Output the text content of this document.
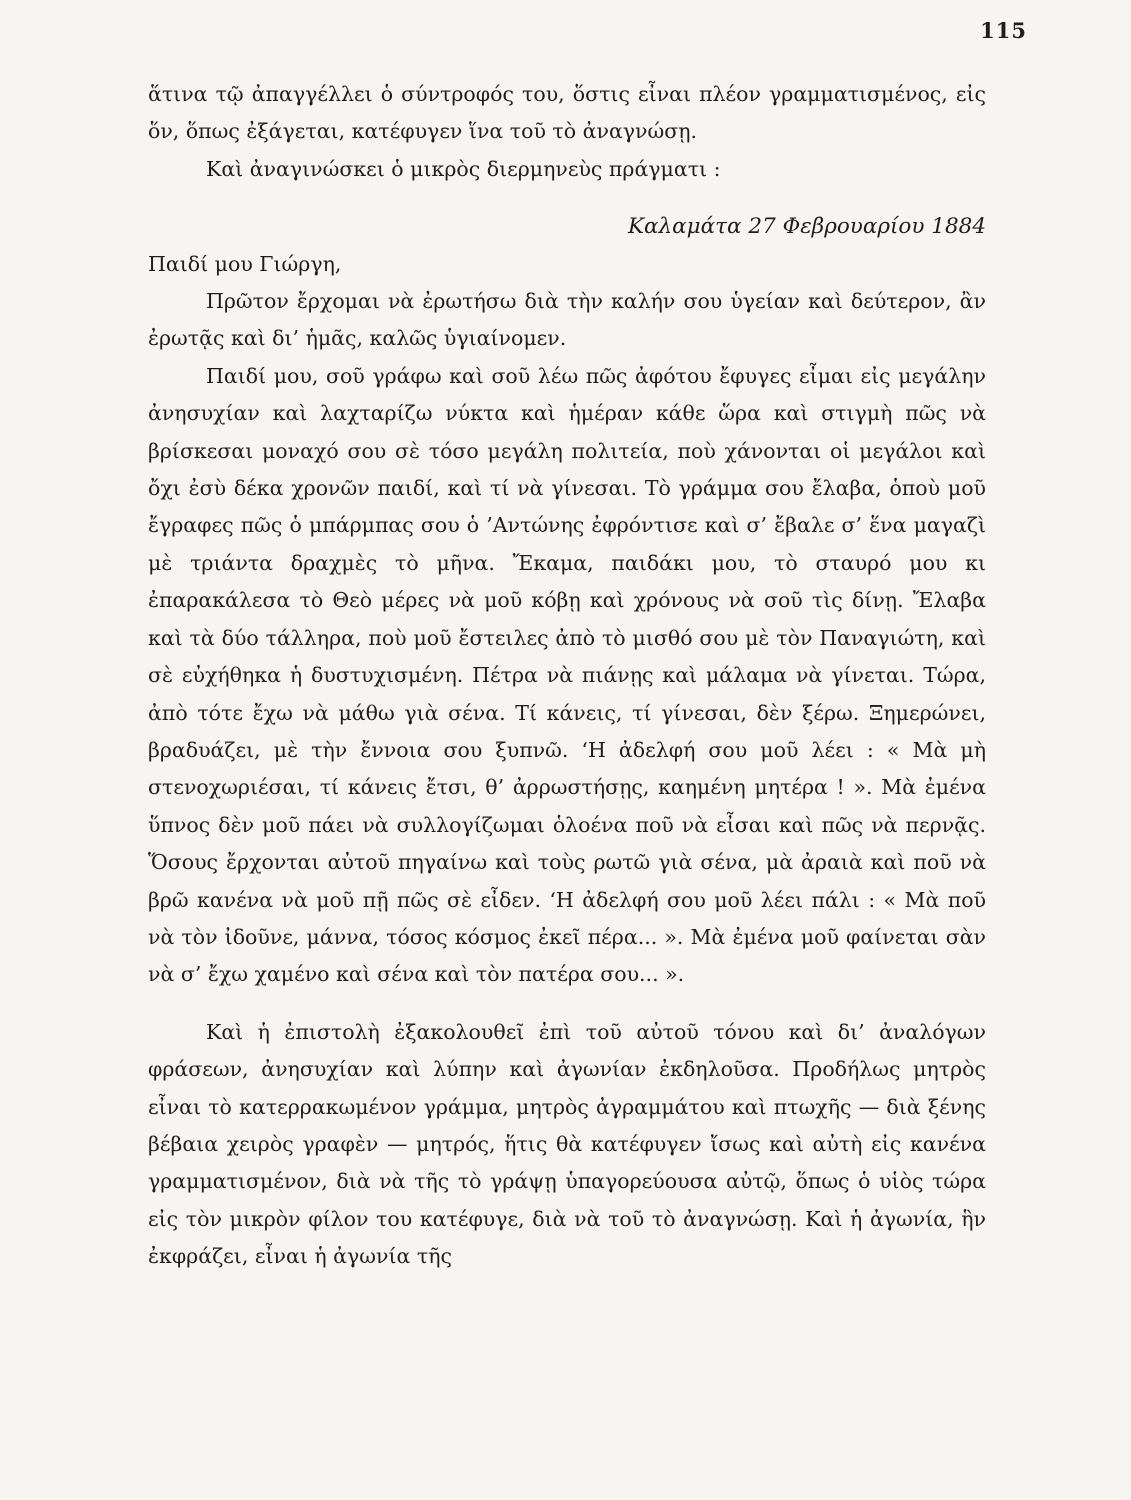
115

ἅτινα τῷ ἀπαγγέλλει ὁ σύντροφός του, ὅστις εἶναι πλέον γραμματισμένος, εἰς ὅν, ὅπως ἐξάγεται, κατέφυγεν ἵνα τοῦ τὸ ἀναγνώσῃ.

Καὶ ἀναγινώσκει ὁ μικρὸς διερμηνεὺς πράγματι :

Καλαμάτα 27 Φεβρουαρίου 1884

Παιδί μου Γιώργη,

Πρῶτον ἔρχομαι νὰ ἐρωτήσω διὰ τὴν καλήν σου ὑγείαν καὶ δεύτερον, ἂν ἐρωτᾷς καὶ δι’ ἡμᾶς, καλῶς ὑγιαίνομεν.

Παιδί μου, σοῦ γράφω καὶ σοῦ λέω πῶς ἀφότου ἔφυγες εἶμαι εἰς μεγάλην ἀνησυχίαν καὶ λαχταρίζω νύκτα καὶ ἡμέραν κάθε ὥρα καὶ στιγμὴ πῶς νὰ βρίσκεσαι μοναχό σου σὲ τόσο μεγάλη πολιτεία, ποὺ χάνονται οἱ μεγάλοι καὶ ὄχι ἐσὺ δέκα χρονῶν παιδί, καὶ τί νὰ γίνεσαι. Τὸ γράμμα σου ἔλαβα, ὁποὺ μοῦ ἔγραφες πῶς ὁ μπάρμπας σου ὁ ’Αντώνης ἐφρόντισε καὶ σ’ ἔβαλε σ’ ἕνα μαγαζὶ μὲ τριάντα δραχμὲς τὸ μῆνα. Ἔκαμα, παιδάκι μου, τὸ σταυρό μου κι ἐπαρακάλεσα τὸ Θεὸ μέρες νὰ μοῦ κόβῃ καὶ χρόνους νὰ σοῦ τὶς δίνῃ. Ἔλαβα καὶ τὰ δύο τάλληρα, ποὺ μοῦ ἔστειλες ἀπὸ τὸ μισθό σου μὲ τὸν Παναγιώτη, καὶ σὲ εὐχήθηκα ἡ δυστυχισμένη. Πέτρα νὰ πιάνῃς καὶ μάλαμα νὰ γίνεται. Τώρα, ἀπὸ τότε ἔχω νὰ μάθω γιὰ σένα. Τί κάνεις, τί γίνεσαι, δὲν ξέρω. Ξημερώνει, βραδυάζει, μὲ τὴν ἔννοια σου ξυπνῶ. ‘Η ἀδελφή σου μοῦ λέει : « Μὰ μὴ στενοχωριέσαι, τί κάνεις ἔτσι, θ’ ἀρρωστήσῃς, καημένη μητέρα ! ». Μὰ ἐμένα ὕπνος δὲν μοῦ πάει νὰ συλλογίζωμαι ὁλοένα ποῦ νὰ εἶσαι καὶ πῶς νὰ περνᾷς. Ὅσους ἔρχονται αὐτοῦ πηγαίνω καὶ τοὺς ρωτῶ γιὰ σένα, μὰ ἀραιὰ καὶ ποῦ νὰ βρῶ κανένα νὰ μοῦ πῇ πῶς σὲ εἶδεν. ‘Η ἀδελφή σου μοῦ λέει πάλι : « Μὰ ποῦ νὰ τὸν ἰδοῦνε, μάννα, τόσος κόσμος ἐκεῖ πέρα... ». Μὰ ἐμένα μοῦ φαίνεται σὰν νὰ σ’ ἔχω χαμένο καὶ σένα καὶ τὸν πατέρα σου... ».

Καὶ ἡ ἐπιστολὴ ἐξακολουθεῖ ἐπὶ τοῦ αὐτοῦ τόνου καὶ δι’ ἀναλόγων φράσεων, ἀνησυχίαν καὶ λύπην καὶ ἀγωνίαν ἐκδηλοῦσα. Προδήλως μητρὸς εἶναι τὸ κατερρακωμένον γράμμα, μητρὸς ἀγραμμάτου καὶ πτωχῆς — διὰ ξένης βέβαια χειρὸς γραφὲν — μητρός, ἥτις θὰ κατέφυγεν ἴσως καὶ αὐτὴ εἰς κανένα γραμματισμένον, διὰ νὰ τῆς τὸ γράψῃ ὑπαγορεύουσα αὐτῷ, ὅπως ὁ υἱὸς τώρα εἰς τὸν μικρὸν φίλον του κατέφυγε, διὰ νὰ τοῦ τὸ ἀναγνώσῃ. Καὶ ἡ ἀγωνία, ἣν ἐκφράζει, εἶναι ἡ ἀγωνία τῆς
